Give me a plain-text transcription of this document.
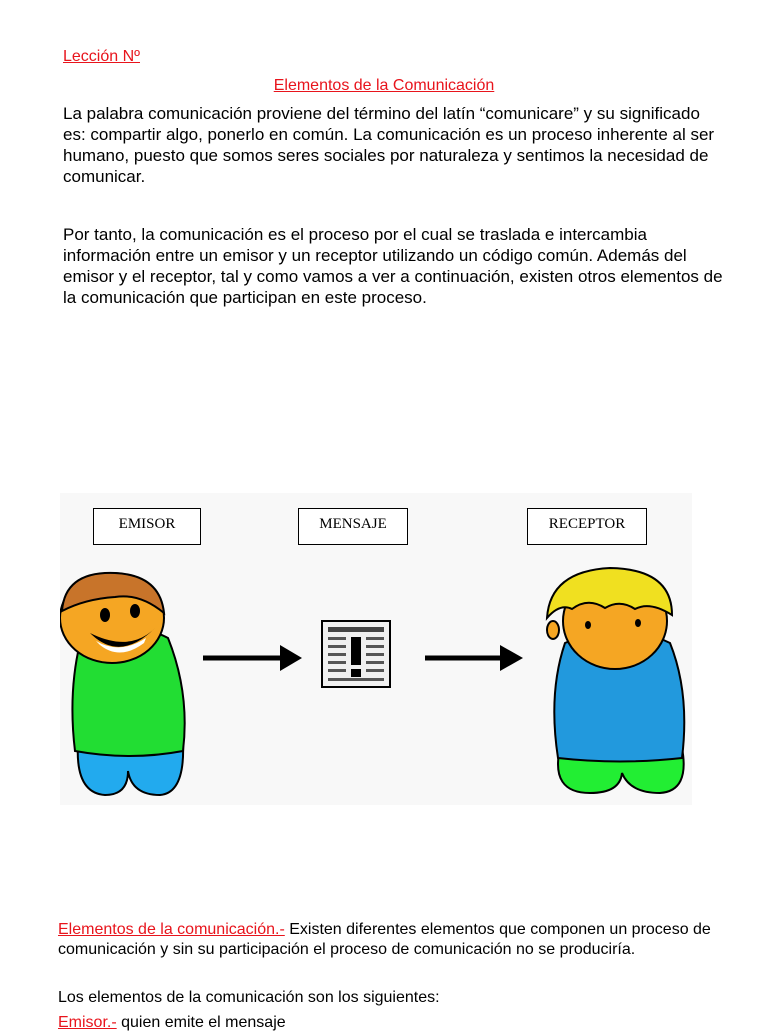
Lección Nº
Elementos de la Comunicación

La palabra comunicación proviene del término del latín “comunicare” y su significado es: compartir algo, ponerlo en común. La comunicación es un proceso inherente al ser humano, puesto que somos seres sociales por naturaleza y sentimos la necesidad de comunicar.

Por tanto, la comunicación es el proceso por el cual se traslada e intercambia información entre un emisor y un receptor utilizando un código común. Además del emisor y el receptor, tal y como vamos a ver a continuación, existen otros elementos de la comunicación que participan en este proceso.

EMISOR	MENSAJE	RECEPTOR

Elementos de la comunicación.- Existen diferentes elementos que componen un proceso de comunicación y sin su participación el proceso de comunicación no se produciría.

Los elementos de la comunicación son los siguientes:

Emisor.- quien emite el mensaje
